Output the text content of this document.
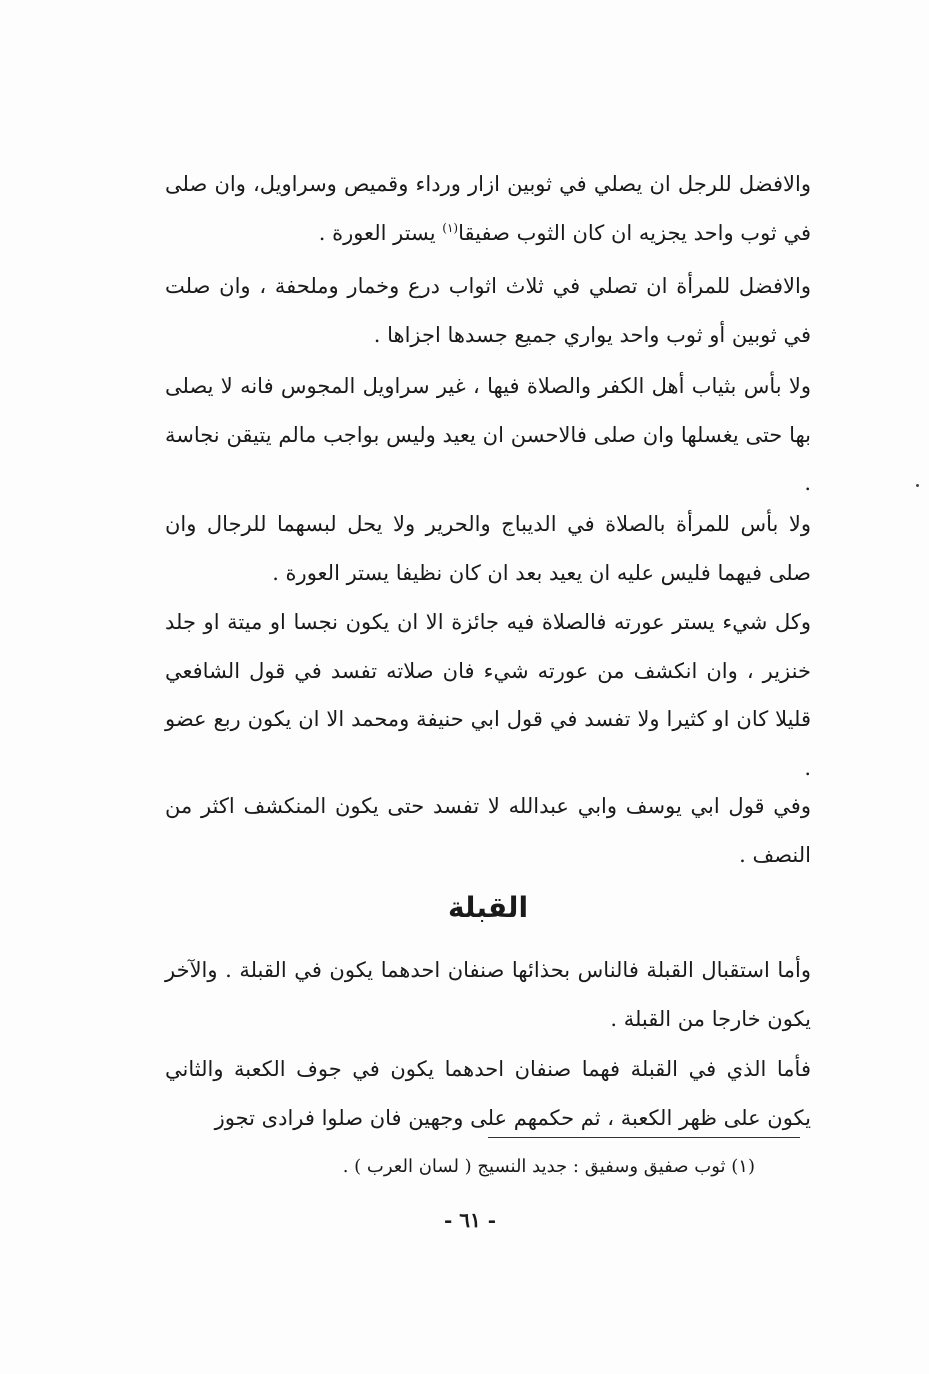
والافضل للرجل ان يصلي في ثوبين ازار ورداء وقميص وسراويل، وان صلى في ثوب واحد يجزيه ان كان الثوب صفيقا$^{(١)}$ يستر العورة .

والافضل للمرأة ان تصلي في ثلاث اثواب درع وخمار وملحفة ، وان صلت في ثوبين أو ثوب واحد يواري جميع جسدها اجزاها .

ولا بأس بثياب أهل الكفر والصلاة فيها ، غير سراويل المجوس فانه لا يصلى بها حتى يغسلها وان صلى فالاحسن ان يعيد وليس بواجب مالم يتيقن نجاسة .

ولا بأس للمرأة بالصلاة في الديباج والحرير ولا يحل لبسهما للرجال وان صلى فيهما فليس عليه ان يعيد بعد ان كان نظيفا يستر العورة .

وكل شيء يستر عورته فالصلاة فيه جائزة الا ان يكون نجسا او ميتة او جلد خنزير ، وان انكشف من عورته شيء فان صلاته تفسد في قول الشافعي قليلا كان او كثيرا ولا تفسد في قول ابي حنيفة ومحمد الا ان يكون ربع عضو .

وفي قول ابي يوسف وابي عبدالله لا تفسد حتى يكون المنكشف اكثر من النصف .

القبلة

وأما استقبال القبلة فالناس بحذائها صنفان احدهما يكون في القبلة . والآخر يكون خارجا من القبلة .

فأما الذي في القبلة فهما صنفان احدهما يكون في جوف الكعبة والثاني يكون على ظهر الكعبة ، ثم حكمهم على وجهين فان صلوا فرادى تجوز

(١) ثوب صفيق وسفيق : جديد النسيج ( لسان العرب ) .

- ٦١ -
